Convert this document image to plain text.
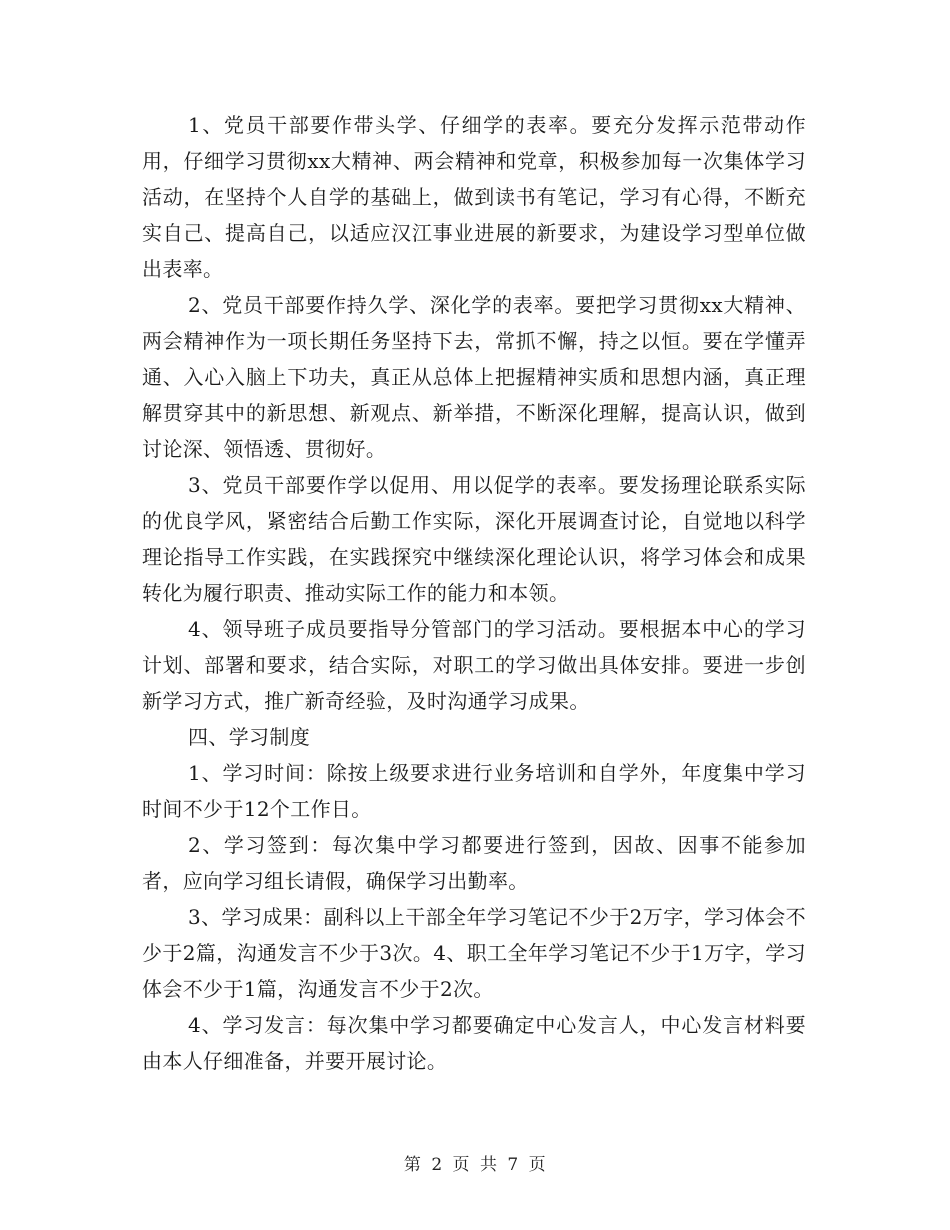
1、党员干部要作带头学、仔细学的表率。要充分发挥示范带动作用，仔细学习贯彻xx大精神、两会精神和党章，积极参加每一次集体学习活动，在坚持个人自学的基础上，做到读书有笔记，学习有心得，不断充实自己、提高自己，以适应汉江事业进展的新要求，为建设学习型单位做出表率。

2、党员干部要作持久学、深化学的表率。要把学习贯彻xx大精神、两会精神作为一项长期任务坚持下去，常抓不懈，持之以恒。要在学懂弄通、入心入脑上下功夫，真正从总体上把握精神实质和思想内涵，真正理解贯穿其中的新思想、新观点、新举措，不断深化理解，提高认识，做到讨论深、领悟透、贯彻好。

3、党员干部要作学以促用、用以促学的表率。要发扬理论联系实际的优良学风，紧密结合后勤工作实际，深化开展调查讨论，自觉地以科学理论指导工作实践，在实践探究中继续深化理论认识，将学习体会和成果转化为履行职责、推动实际工作的能力和本领。

4、领导班子成员要指导分管部门的学习活动。要根据本中心的学习计划、部署和要求，结合实际，对职工的学习做出具体安排。要进一步创新学习方式，推广新奇经验，及时沟通学习成果。

四、学习制度

1、学习时间：除按上级要求进行业务培训和自学外，年度集中学习时间不少于12个工作日。

2、学习签到：每次集中学习都要进行签到，因故、因事不能参加者，应向学习组长请假，确保学习出勤率。

3、学习成果：副科以上干部全年学习笔记不少于2万字，学习体会不少于2篇，沟通发言不少于3次。4、职工全年学习笔记不少于1万字，学习体会不少于1篇，沟通发言不少于2次。

4、学习发言：每次集中学习都要确定中心发言人，中心发言材料要由本人仔细准备，并要开展讨论。

第 2 页 共 7 页
